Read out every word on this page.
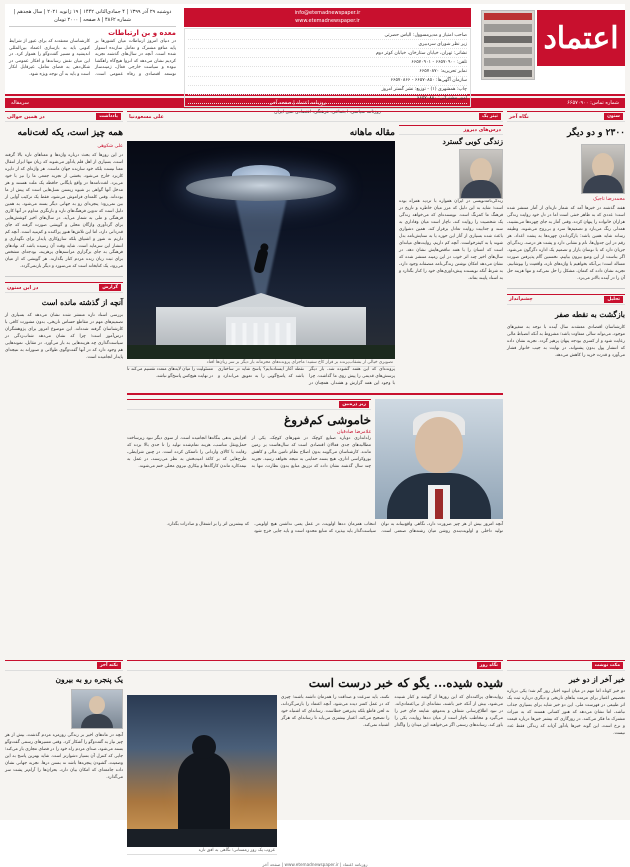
اعتماد
info@etemadnewspaper.ir
www.etemadnewspaper.ir
صاحب امتیاز و مدیرمسوول: الیاس حضرتی
زیر نظر شورای سردبیری
نشانی: تهران، خیابان ستارخان، خیابان کوثر دوم
تلفن: ۶۶۵۷۰۹۰۰ - ۶۶۵۷۰۹۰۱
نمابر تحریریه: ۶۶۵۷۰۸۷۰
سازمان آگهی‌ها: ۶۶۵۷۰۸۵۰ - ۶۶۵۷۰۸۶۶
چاپ: همشهری (۱) - توزیع: نشر گستر امروز
امور مشترکین: ۶۶۵۷۰۸۸۰
روزنامه سیاسی، اجتماعی، فرهنگی، اقتصادی صبح ایران
دوشنبه ۲۹ آذر ۱۳۹۹ | ۴ جمادی‌الثانی ۱۴۴۲ | ۱۹ ژانویه ۲۰۲۱ | سال هجدهم | شماره ۴۸۶۲ | ۸ صفحه | ۲۰۰۰ تومان
معده و بن ارتباطات
در دنیای امروز ارتباطات میان کشورها بر پایه منافع مشترک و تعامل سازنده استوار شده است. آنچه در سال‌های گذشته تجربه کردیم نشان می‌دهد که انزوا هیچ‌گاه راهگشا نبوده و سیاست خارجی فعال، زمینه‌ساز توسعه اقتصادی و رفاه عمومی است. کارشناسان معتقدند که برای عبور از شرایط کنونی باید به بازسازی اعتماد بین‌المللی اندیشید و مسیر گفت‌وگو را هموار کرد. در این میان نقش رسانه‌ها و افکار عمومی در شکل‌دهی به فضای تعامل، غیرقابل انکار است و باید به آن توجه ویژه شود.
شماره تماس: ۶۶۵۷۰۹۰۰
روزنامه اعتماد | صفحه آخر
سرمقاله
ستون
نگاه آخر
۲۳۰۰ و دو دیگر
محمدرضا تاجیک
هفته گذشته در خبرها آمد که شمار تازه‌ای از آمار منتشر شده است؛ عددی که به ظاهر خنثی است اما در دل خود روایت زندگی هزاران خانواده را پنهان کرده. وقتی آمار به جای چهره‌ها می‌نشیند، همدلی رنگ می‌بازد و تصمیم‌ها سرد و بی‌روح می‌شوند. وظیفه رسانه شاید همین باشد: بازگرداندن چهره‌ها به پشت اعداد. هر رقم در این جدول‌ها، نام و نشانی دارد و پشت هر درصد، زندگی‌ای جریان دارد که با نوسان بازار و تصمیم یک اداره دگرگون می‌شود. اگر بناست از این وضع بیرون بیاییم، نخستین گام پذیرفتن صورت مساله است؛ بی‌آنکه بخواهیم با واژه‌های تازه، واقعیت را بپوشانیم. تجربه نشان داده که کتمان، مشکل را حل نمی‌کند و تنها هزینه حل آن را در آینده بالاتر می‌برد.
تحلیل
چشم‌انداز
بازگشت به نقطه صفر
کارشناسان اقتصادی معتقدند سال آینده با توجه به متغیرهای موجود، می‌تواند سالی متفاوت باشد؛ مشروط به آنکه انضباط مالی رعایت شود و از کسری بودجه پنهان پرهیز گردد. تجربه نشان داده که انتشار پول بدون پشتوانه، در نهایت به جیب خانوار فشار می‌آورد و قدرت خرید را کاهش می‌دهد.
تیتر یک
علی مسعودنیا
درس‌های دیروز
زندگی کوبی گسترد
زندگی‌نامه‌نویسی در ایران همواره با تردید همراه بوده است؛ شاید به این دلیل که مرز میان خاطره و تاریخ در فرهنگ ما کمرنگ است. نویسنده‌ای که می‌خواهد زندگی یک شخصیت را روایت کند، ناچار است میان وفاداری به سند و جذابیت روایت تعادل برقرار کند. همین دشواری باعث شده بسیاری از آثار این حوزه یا به ستایش‌نامه بدل شوند یا به کیفرخواست. آنچه کم داریم، روایت‌های میانه‌ای است که انسان را با همه تناقض‌هایش نشان دهد. در سال‌های اخیر چند اثر خوب در این زمینه منتشر شده که نشان می‌دهد امکان نوشتن زندگی‌نامه منصفانه وجود دارد، به شرط آنکه نویسنده پیش‌داوری‌های خود را کنار بگذارد و به اسناد پایبند بماند.
مقاله ماهانه
تصویری خیالی از بشقاب‌پرنده بر فراز کاخ سفید؛ ماجرای پرونده‌های محرمانه بار دیگر بر سر زبان‌ها افتاد
پرونده‌ای که این هفته گشوده شد، بار دیگر پرسش‌های قدیمی را پیش روی ما گذاشت. چرا با وجود این همه گزارش و هشدار، همچنان در نقطه آغاز ایستاده‌ایم؟ پاسخ شاید در ساختاری باشد که پاسخ‌گویی را به تعویق می‌اندازد و مسئولیت را میان لایه‌های متعدد تقسیم می‌کند تا در نهایت هیچ‌کس پاسخ‌گو نباشد.
زیر ذره‌بین
خاموشی کم‌فروغ
غلامرضا صادقیان
راه‌اندازی دوباره صنایع کوچک در شهرهای کوچک، یکی از مطالبه‌های جدی فعالان اقتصادی است که سال‌هاست بر زمین مانده. کارشناسان می‌گویند بدون اصلاح نظام تامین مالی و کاهش بوروکراسی اداری، هیچ بسته حمایتی به نتیجه نخواهد رسید. تجربه چند سال گذشته نشان داده که تزریق منابع بدون نظارت، تنها به افزایش بدهی بنگاه‌ها انجامیده است. از سوی دیگر نبود زیرساخت حمل‌ونقل مناسب، هزینه تمام‌شده تولید را تا حدی بالا برده که رقابت با کالای وارداتی را ناممکن کرده است. در چنین شرایطی، طرح‌هایی که بر کاغذ امیدبخش به نظر می‌رسند، در عمل به نیمه‌کاره ماندن کارگاه‌ها و بیکاری نیروی محلی ختم می‌شوند.
آنچه امروز بیش از هر چیز ضرورت دارد، نگاهی واقع‌بینانه به توان تولید داخلی و اولویت‌بندی روشن میان رشته‌های صنعتی است. انتخاب همزمان ده‌ها اولویت، در عمل یعنی نداشتن هیچ اولویتی. سیاست‌گذار باید بپذیرد که منابع محدود است و باید جایی خرج شود که بیشترین اثر را بر اشتغال و صادرات بگذارد.
یادداشت
در همین حوالی
همه چیز است، یکه لغت‌نامه
علی شکوهی
در این روزها که بحث درباره واژه‌ها و معناهای تازه بالا گرفته است، بسیاری از اهل قلم یادآور می‌شوند که زبان تنها ابزار انتقال معنا نیست بلکه خود سازنده جهان ماست. هر واژه‌ای که از دایره کاربرد خارج می‌شود، بخشی از تجربه جمعی ما را نیز با خود می‌برد. لغت‌نامه‌ها در واقع بایگانی حافظه یک ملت هستند و هر مدخل آنها گواهی بر شیوه زیستن نسل‌هایی است که پیش از ما بوده‌اند. وقتی کلمه‌ای فراموش می‌شود، فقط یک ترکیب آوایی از بین نمی‌رود؛ پنجره‌ای رو به جهانی دیگر بسته می‌شود. به همین دلیل است که تدوین فرهنگ‌های تازه و بازنگری مداوم در آنها کاری فرهنگی و ملی به شمار می‌آید. در سال‌های اخیر کوشش‌هایی برای گردآوری واژگان محلی و گویشی صورت گرفته که جای قدردانی دارد، اما این تلاش‌ها هنوز پراکنده و کم‌بنیه است. آنچه کم داریم نه شور و اشتیاق بلکه سازوکاری پایدار برای نگهداری و انتشار این سرمایه است. شاید وقت آن رسیده باشد که نهادهای فرهنگی به جای برگزاری مراسم‌های پرهزینه، بودجه‌ای مشخص برای ثبت زبان زنده مردم کنار بگذارند. هر گویشی که از میان می‌رود، یک کتابخانه است که می‌سوزد و دیگر بازنمی‌گردد.
گزارش
در این ستون
آنچه از گذشته مانده است
بررسی اسناد تازه منتشر شده نشان می‌دهد که بسیاری از تصمیم‌های مهم در مقاطع حساس تاریخی، بدون مشورت کافی با کارشناسان گرفته شده‌اند. این موضوع امروز برای پژوهشگران درس‌آموز است؛ چرا که نشان می‌دهد شتاب‌زدگی در سیاست‌گذاری چه هزینه‌هایی به بار می‌آورد. در مقابل، نمونه‌هایی هم وجود دارد که در آنها گفت‌وگوی طولانی و صبورانه به نتیجه‌ای پایدار انجامیده است.
مکث نوشت
خبر آخر از دو خبر
دو خبر کوتاه اما مهم در میان انبوه اخبار روز گم شد؛ یکی درباره تخصیص اعتبار برای مرمت بناهای تاریخی و دیگری درباره ثبت یک اثر طبیعی در فهرست ملی. این دو خبر شاید برای بسیاری جذاب نباشد، اما نشان می‌دهد که هنوز کسانی هستند که به میراث مشترک ما فکر می‌کنند. در روزگاری که بیشتر خبرها درباره قیمت و نرخ است، این گونه خبرها یادآور آن‌اند که زندگی فقط عدد نیست.
نگاه روز
شیده شیده... یگو که خبر درست است
روایت‌های پراکنده‌ای که این روزها از گوشه و کنار شنیده می‌شود، بیش از آنکه خبر باشند، نشانه‌ای از بی‌اعتمادی‌اند. در نبود اطلاع‌رسانی شفاف و به‌موقع، شایعه جای خبر را می‌گیرد و مخاطب ناچار است از میان ده‌ها روایت، یکی را باور کند. رسانه‌های رسمی اگر می‌خواهند این میدان را واگذار نکنند، باید سرعت و صداقت را همزمان داشته باشند؛ چیزی که در عمل کمتر دیده می‌شود. آنچه اعتماد را بازمی‌گرداند، نه لحن قاطع بلکه پذیرفتن خطاست. رسانه‌ای که اشتباه خود را تصحیح می‌کند، اعتبار بیشتری می‌یابد تا رسانه‌ای که هرگز اشتباه نمی‌کند.
غروب یک روز زمستانی؛ نگاهی به افق تازه
نکته آخر
یک پنجره رو به بیرون
آنچه در ماه‌های اخیر بر زندگی روزمره مردم گذشت، بیش از هر چیز نیاز به گفت‌وگو را آشکار کرد. وقتی مسیرهای رسمی گفت‌وگو بسته می‌شود، صدای مردم راه خود را در فضای مجازی باز می‌کند؛ جایی که کنترل آن بسیار دشوارتر است. شاید بهترین پاسخ به این وضعیت، گشودن پنجره‌ها باشد نه بستن در‌ها. تجربه جهانی نشان داده جامعه‌ای که امکان بیان دارد، بحران‌ها را آرام‌تر پشت سر می‌گذارد.
روزنامه اعتماد | www.etemadnewspaper.ir | صفحه آخر
